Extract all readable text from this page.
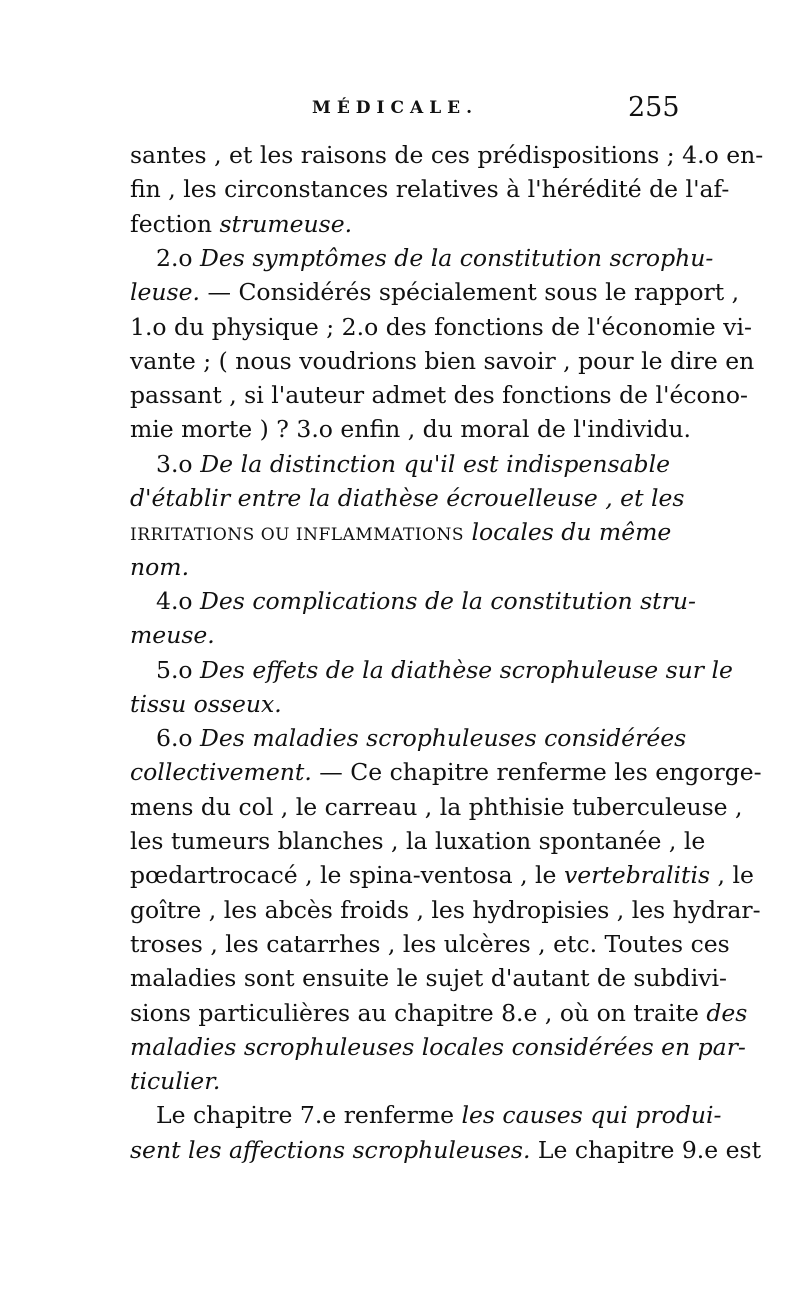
MÉDICALE.	255
santes , et les raisons de ces prédispositions ; 4.o en-
fin , les circonstances relatives à l'hérédité de l'af-
fection strumeuse.
2.o Des symptômes de la constitution scrophu-
leuse. — Considérés spécialement sous le rapport ,
1.o du physique ; 2.o des fonctions de l'économie vi-
vante ; ( nous voudrions bien savoir , pour le dire en
passant , si l'auteur admet des fonctions de l'écono-
mie morte ) ? 3.o enfin , du moral de l'individu.
3.o De la distinction qu'il est indispensable
d'établir entre la diathèse écrouelleuse , et les
IRRITATIONS OU INFLAMMATIONS locales du même
nom.
4.o Des complications de la constitution stru-
meuse.
5.o Des effets de la diathèse scrophuleuse sur le
tissu osseux.
6.o Des maladies scrophuleuses considérées
collectivement. — Ce chapitre renferme les engorge-
mens du col , le carreau , la phthisie tuberculeuse ,
les tumeurs blanches , la luxation spontanée , le
pœdartrocacé , le spina-ventosa , le vertebralitis , le
goître , les abcès froids , les hydropisies , les hydrar-
troses , les catarrhes , les ulcères , etc. Toutes ces
maladies sont ensuite le sujet d'autant de subdivi-
sions particulières au chapitre 8.e , où on traite des
maladies scrophuleuses locales considérées en par-
ticulier.
Le chapitre 7.e renferme les causes qui produi-
sent les affections scrophuleuses. Le chapitre 9.e est
